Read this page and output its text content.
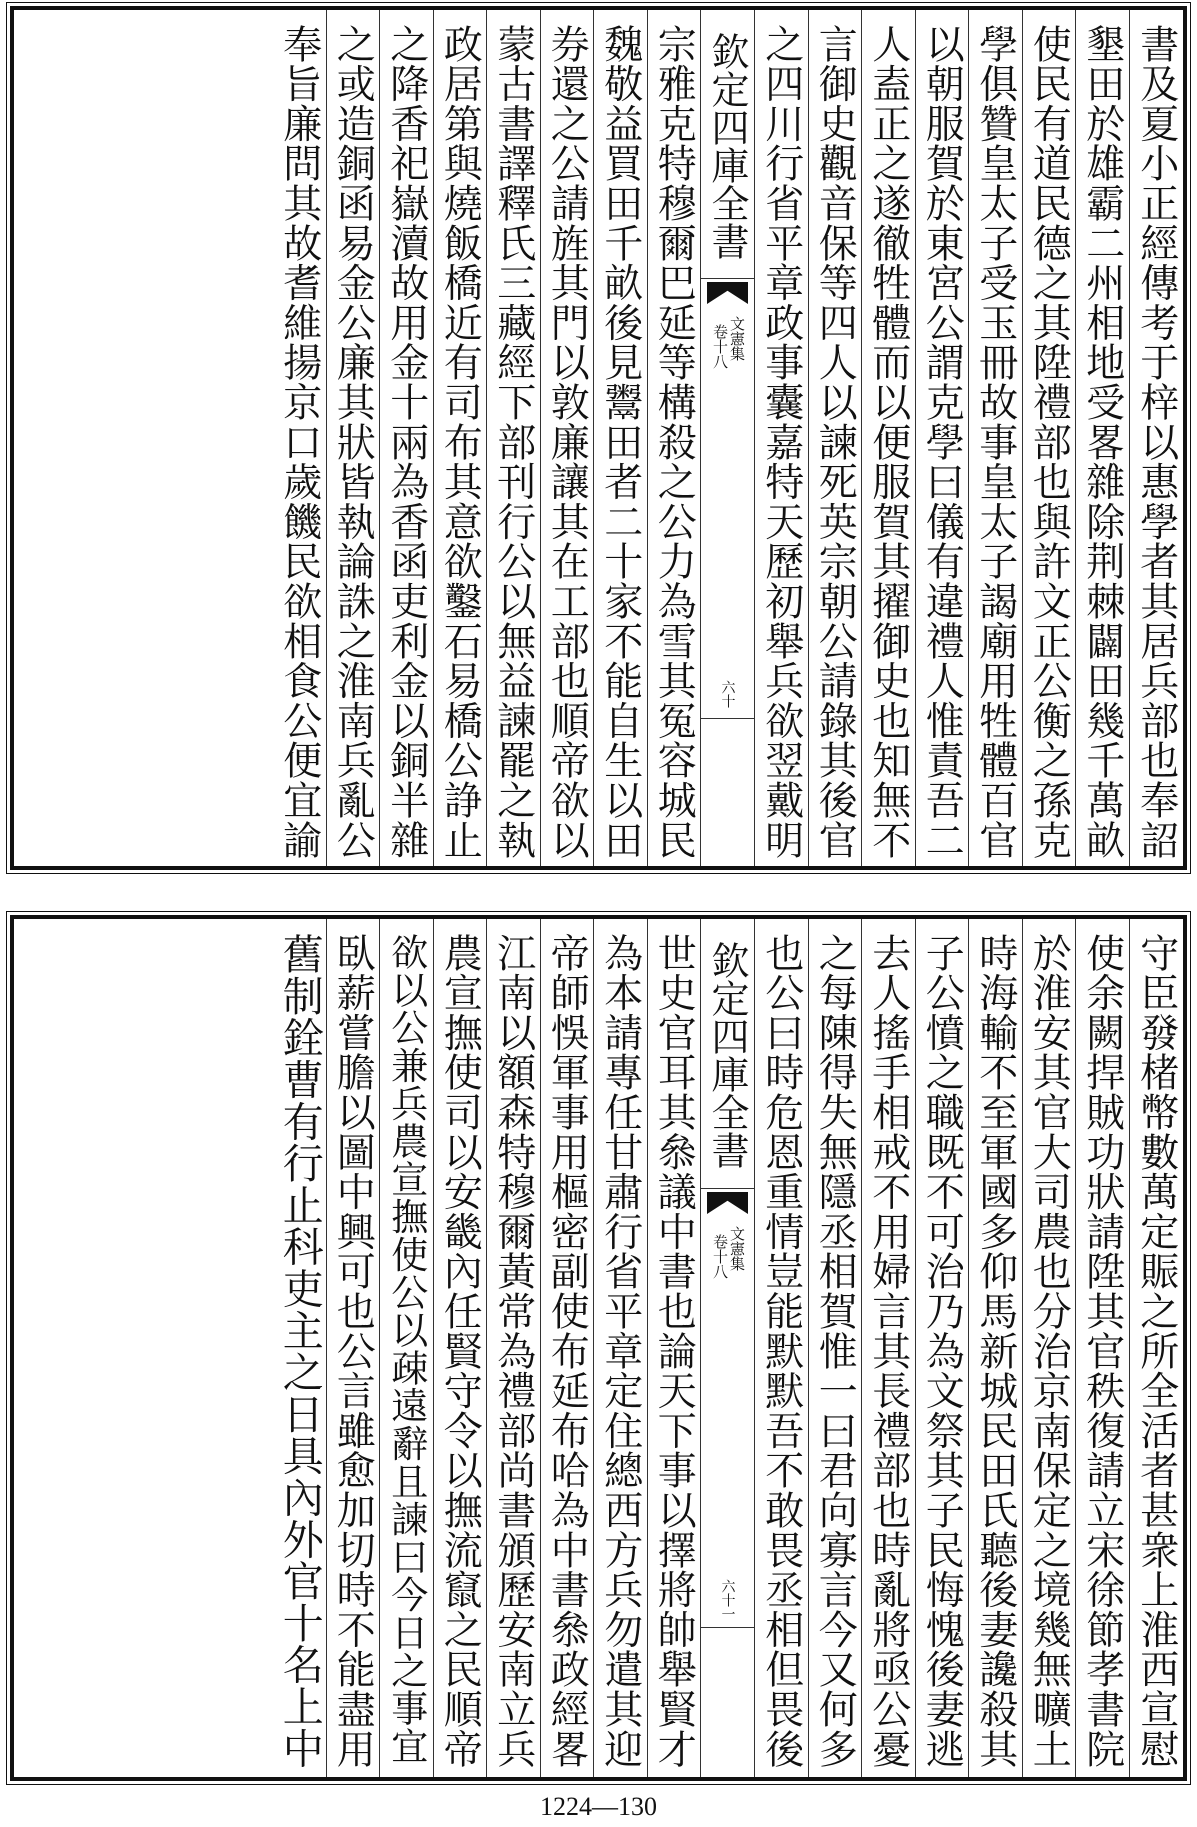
書及夏小正經傳考于梓以惠學者其居兵部也奉詔
墾田於雄霸二州相地受畧雜除荆棘闢田幾千萬畝
使民有道民德之其陞禮部也與許文正公衡之孫克
學俱贊皇太子受玉冊故事皇太子謁廟用牲體百官
以朝服賀於東宮公謂克學曰儀有違禮人惟責吾二
人盍正之遂徹牲體而以便服賀其擢御史也知無不
言御史觀音保等四人以諫死英宗朝公請錄其後官
之四川行省平章政事囊嘉特天歷初舉兵欲翌戴明
欽定四庫全書
文憲集
卷十八
六十
宗雅克特穆爾巴延等構殺之公力為雪其冤容城民
魏敬益買田千畝後見鬻田者二十家不能自生以田
券還之公請旌其門以敦廉讓其在工部也順帝欲以
蒙古書譯釋氏三藏經下部刊行公以無益諫罷之執
政居第與燒飯橋近有司布其意欲鑿石易橋公諍止
之降香祀嶽瀆故用金十兩為香函吏利金以銅半雜
之或造銅函易金公廉其狀皆執論誅之淮南兵亂公
奉旨廉問其故耆維揚京口歲饑民欲相食公便宜諭
守臣發楮幣數萬定賑之所全活者甚衆上淮西宣慰
使余闕捍賊功狀請陞其官秩復請立宋徐節孝書院
於淮安其官大司農也分治京南保定之境幾無曠土
時海輸不至軍國多仰馬新城民田氏聽後妻讒殺其
子公憤之職既不可治乃為文祭其子民悔愧後妻逃
去人搖手相戒不用婦言其長禮部也時亂將亟公憂
之每陳得失無隱丞相賀惟一曰君向寡言今又何多
也公曰時危恩重情豈能默默吾不敢畏丞相但畏後
欽定四庫全書
文憲集
卷十八
六十一
世史官耳其叅議中書也論天下事以擇將帥舉賢才
為本請專任甘肅行省平章定住總西方兵勿遣其迎
帝師悞軍事用樞密副使布延布哈為中書叅政經畧
江南以額森特穆爾黃常為禮部尚書頒歷安南立兵
農宣撫使司以安畿內任賢守令以撫流竄之民順帝
欲以公兼兵農宣撫使公以疎遠辭且諫曰今日之事宜
臥薪嘗膽以圖中興可也公言雖愈加切時不能盡用
舊制銓曹有行止科吏主之日具內外官十名上中
1224—130
